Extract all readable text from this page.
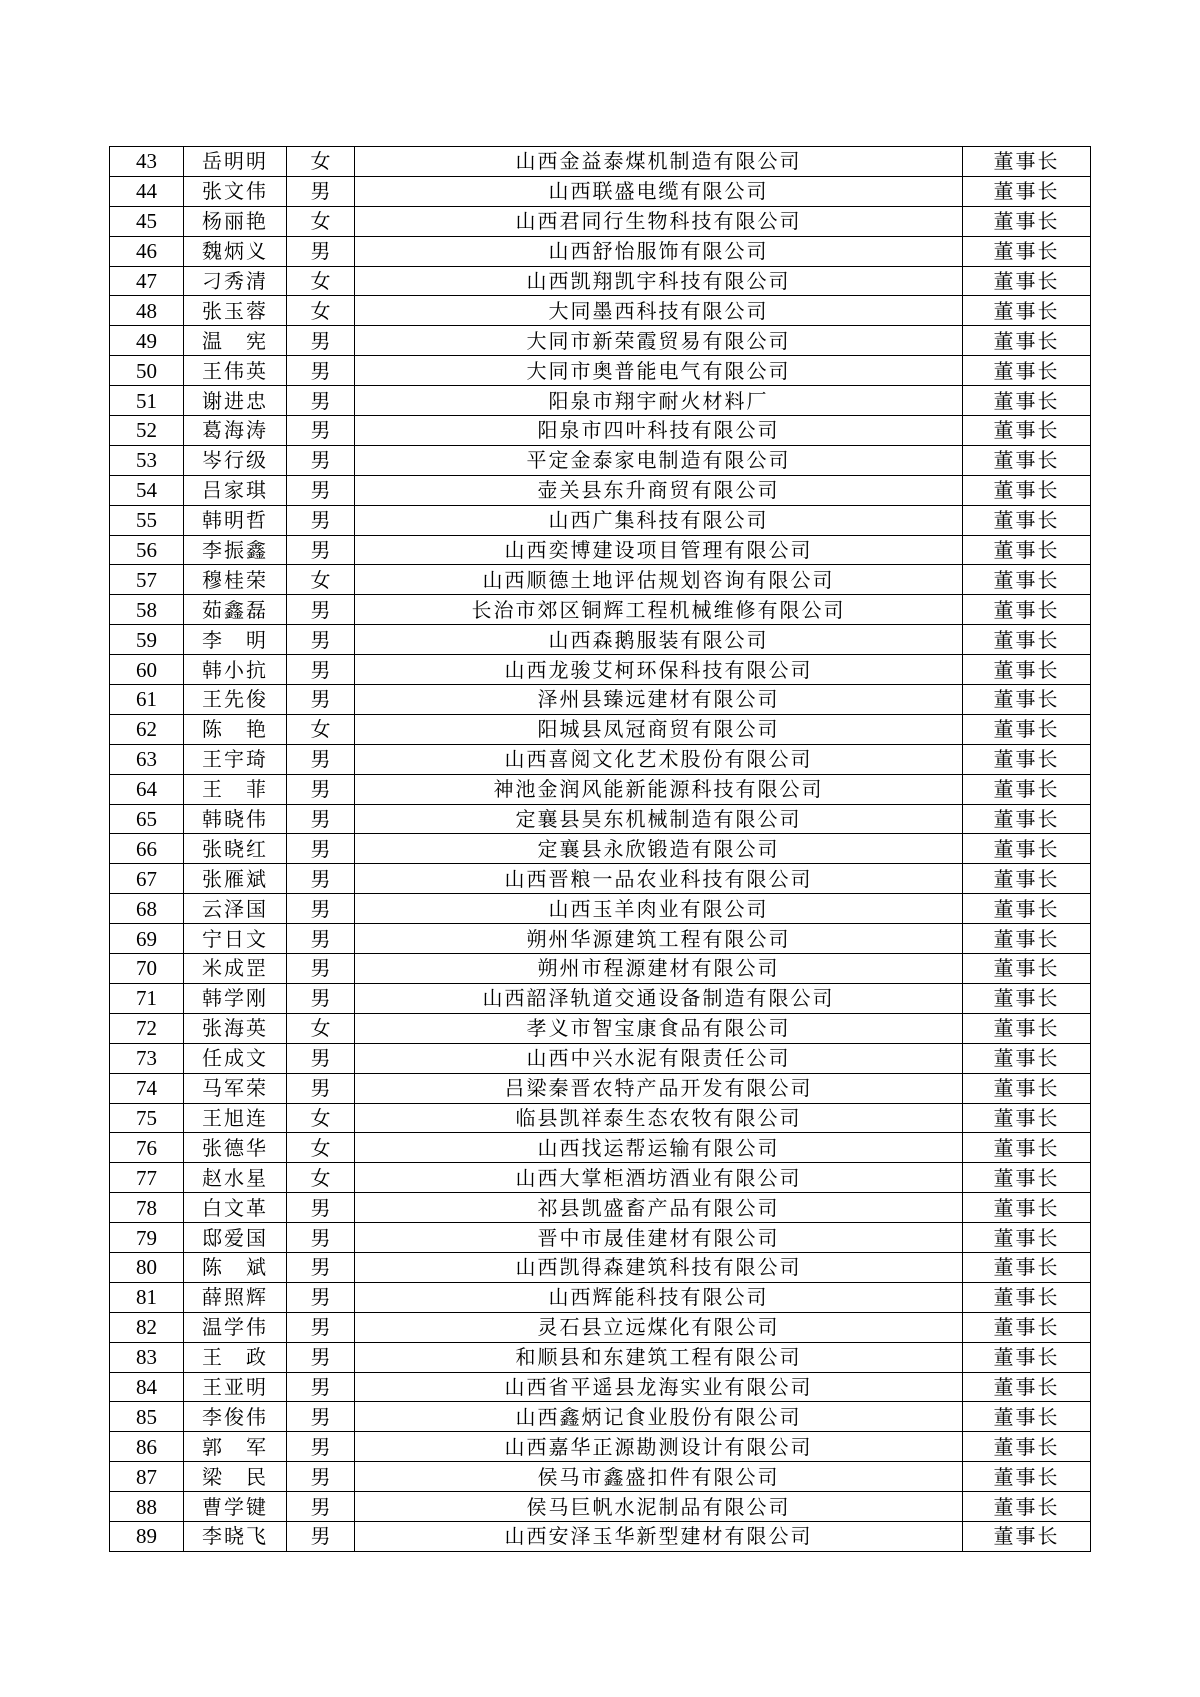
43	岳明明	女	山西金益泰煤机制造有限公司	董事长
44	张文伟	男	山西联盛电缆有限公司	董事长
45	杨丽艳	女	山西君同行生物科技有限公司	董事长
46	魏炳义	男	山西舒怡服饰有限公司	董事长
47	刁秀清	女	山西凯翔凯宇科技有限公司	董事长
48	张玉蓉	女	大同墨西科技有限公司	董事长
49	温　宪	男	大同市新荣霞贸易有限公司	董事长
50	王伟英	男	大同市奥普能电气有限公司	董事长
51	谢进忠	男	阳泉市翔宇耐火材料厂	董事长
52	葛海涛	男	阳泉市四叶科技有限公司	董事长
53	岑行级	男	平定金泰家电制造有限公司	董事长
54	吕家琪	男	壶关县东升商贸有限公司	董事长
55	韩明哲	男	山西广集科技有限公司	董事长
56	李振鑫	男	山西奕博建设项目管理有限公司	董事长
57	穆桂荣	女	山西顺德土地评估规划咨询有限公司	董事长
58	茹鑫磊	男	长治市郊区铜辉工程机械维修有限公司	董事长
59	李　明	男	山西森鹅服装有限公司	董事长
60	韩小抗	男	山西龙骏艾柯环保科技有限公司	董事长
61	王先俊	男	泽州县臻远建材有限公司	董事长
62	陈　艳	女	阳城县凤冠商贸有限公司	董事长
63	王宇琦	男	山西喜阅文化艺术股份有限公司	董事长
64	王　菲	男	神池金润风能新能源科技有限公司	董事长
65	韩晓伟	男	定襄县昊东机械制造有限公司	董事长
66	张晓红	男	定襄县永欣锻造有限公司	董事长
67	张雁斌	男	山西晋粮一品农业科技有限公司	董事长
68	云泽国	男	山西玉羊肉业有限公司	董事长
69	宁日文	男	朔州华源建筑工程有限公司	董事长
70	米成罡	男	朔州市程源建材有限公司	董事长
71	韩学刚	男	山西韶泽轨道交通设备制造有限公司	董事长
72	张海英	女	孝义市智宝康食品有限公司	董事长
73	任成文	男	山西中兴水泥有限责任公司	董事长
74	马军荣	男	吕梁秦晋农特产品开发有限公司	董事长
75	王旭连	女	临县凯祥泰生态农牧有限公司	董事长
76	张德华	女	山西找运帮运输有限公司	董事长
77	赵水星	女	山西大掌柜酒坊酒业有限公司	董事长
78	白文革	男	祁县凯盛畜产品有限公司	董事长
79	邸爱国	男	晋中市晟佳建材有限公司	董事长
80	陈　斌	男	山西凯得森建筑科技有限公司	董事长
81	薛照辉	男	山西辉能科技有限公司	董事长
82	温学伟	男	灵石县立远煤化有限公司	董事长
83	王　政	男	和顺县和东建筑工程有限公司	董事长
84	王亚明	男	山西省平遥县龙海实业有限公司	董事长
85	李俊伟	男	山西鑫炳记食业股份有限公司	董事长
86	郭　军	男	山西嘉华正源勘测设计有限公司	董事长
87	梁　民	男	侯马市鑫盛扣件有限公司	董事长
88	曹学键	男	侯马巨帆水泥制品有限公司	董事长
89	李晓飞	男	山西安泽玉华新型建材有限公司	董事长
